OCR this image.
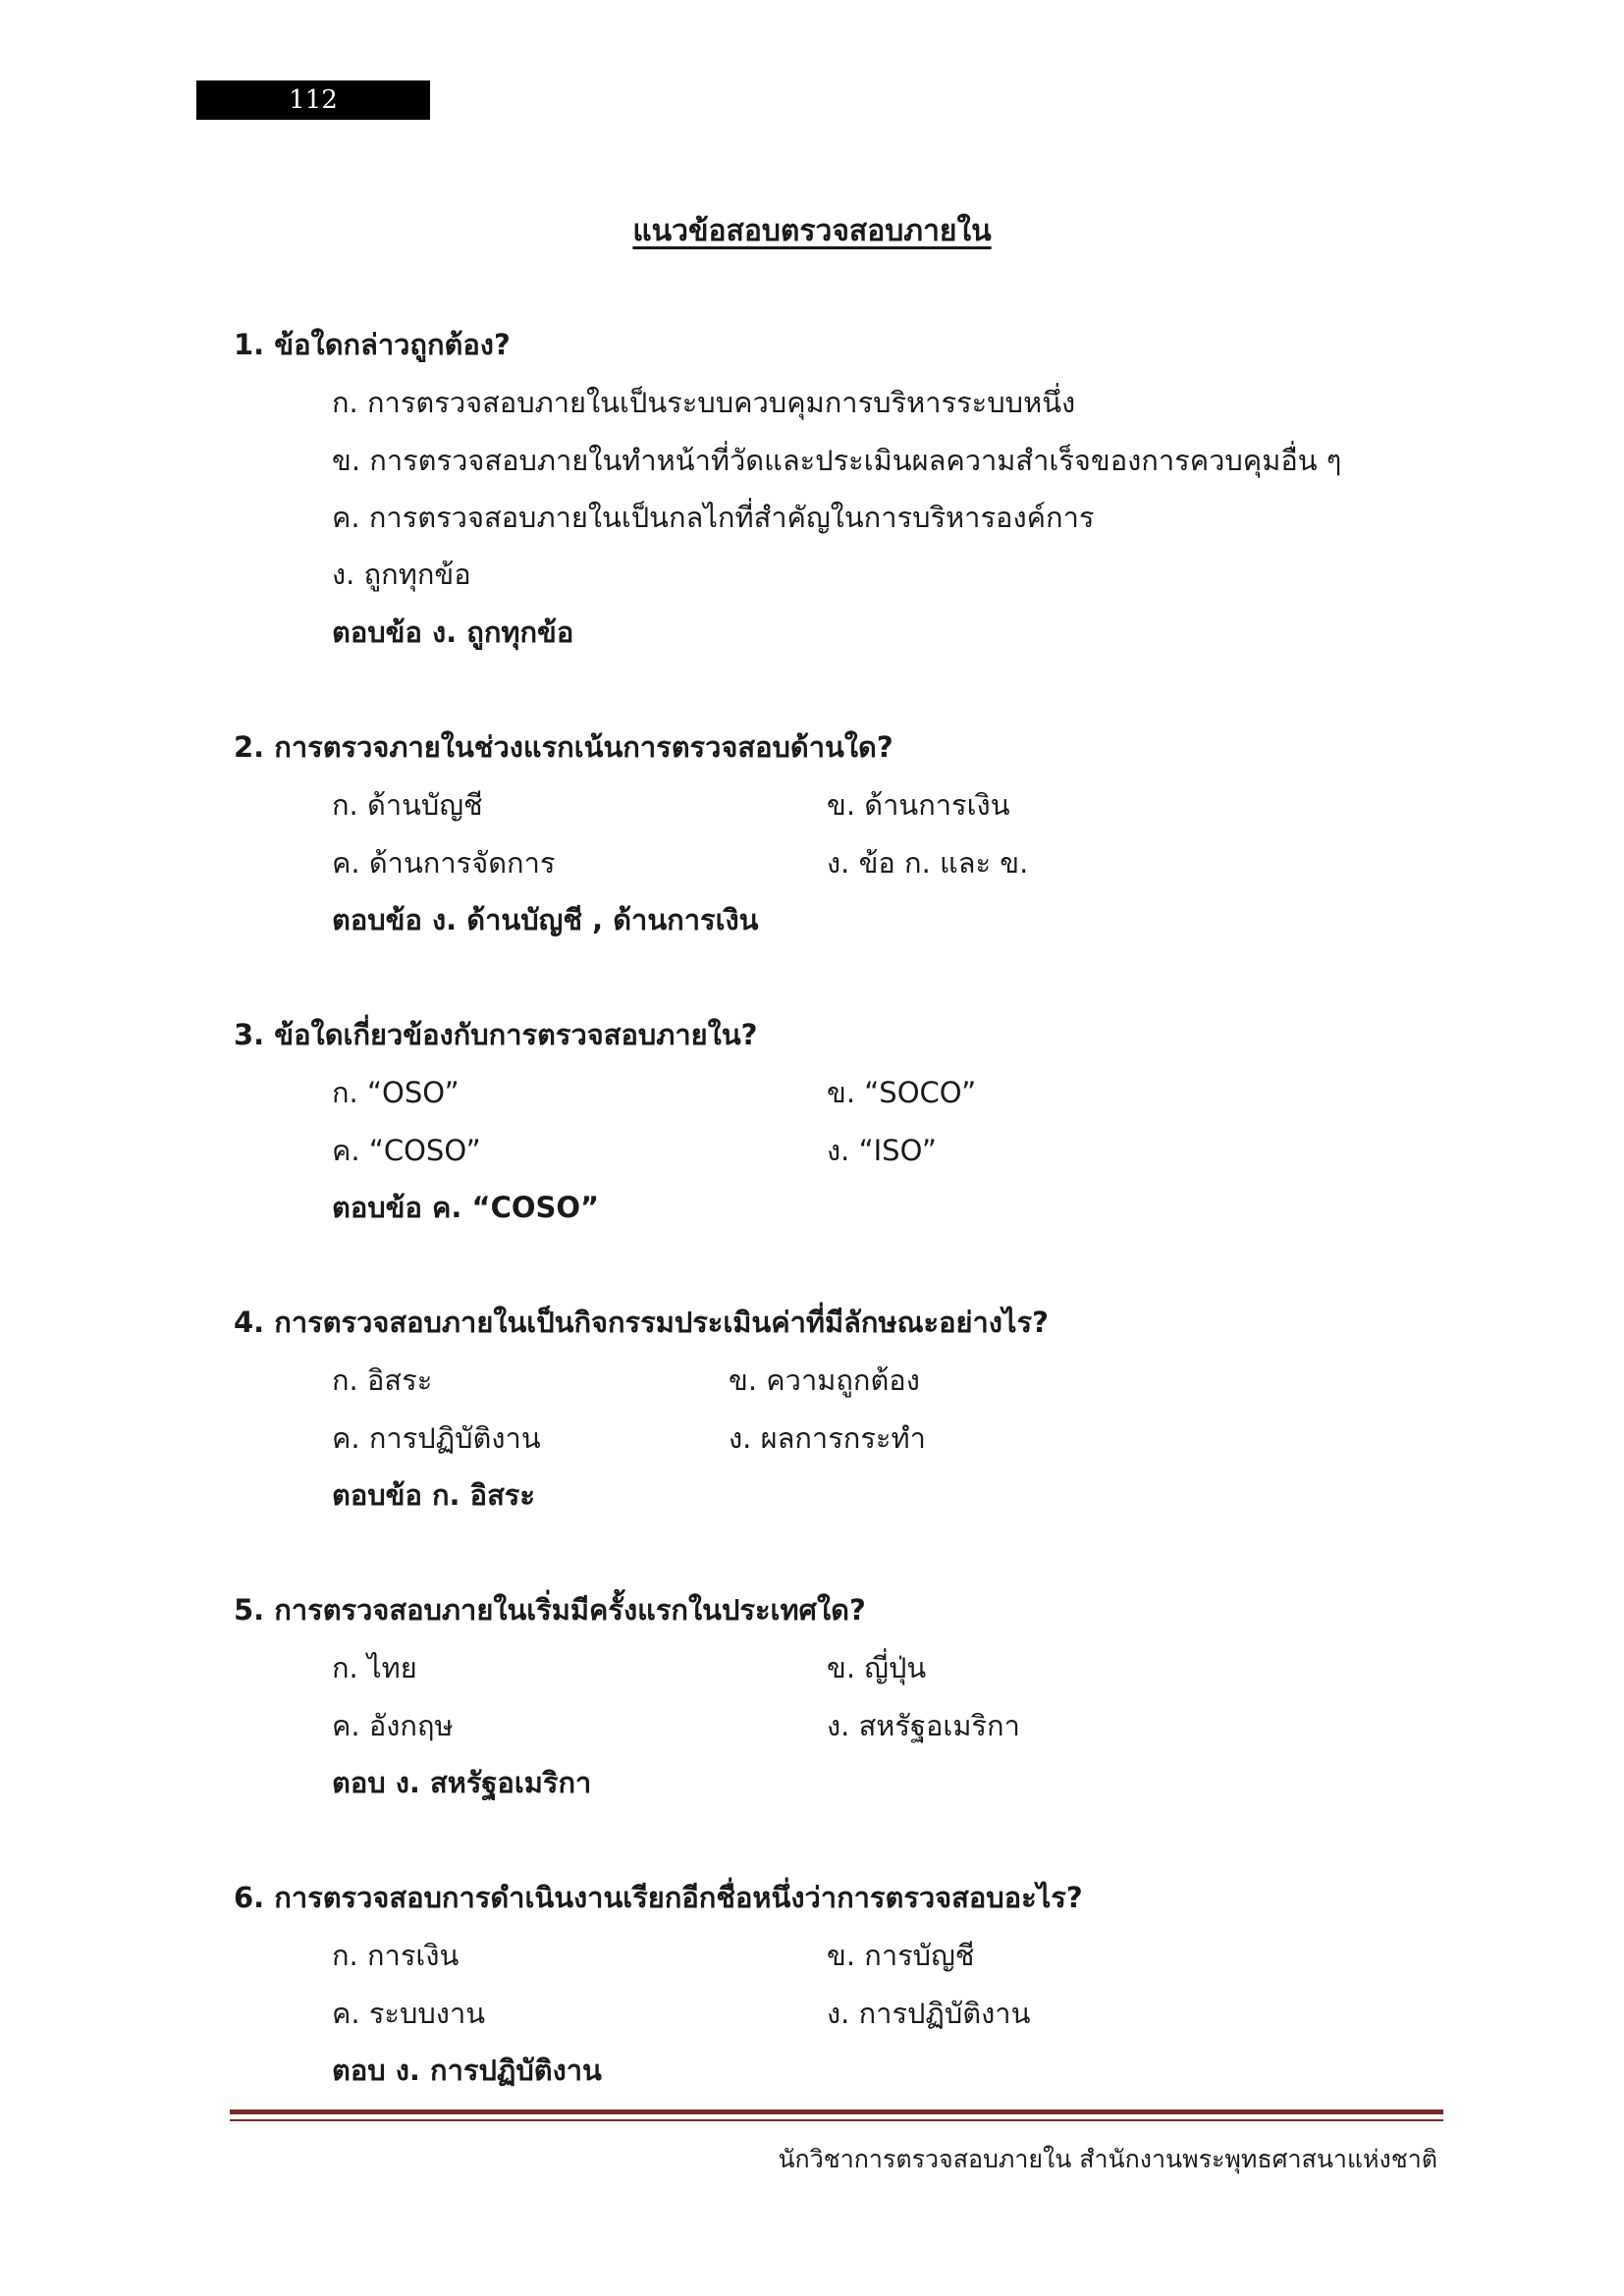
112
แนวข้อสอบตรวจสอบภายใน
1. ข้อใดกล่าวถูกต้อง?
ก. การตรวจสอบภายในเป็นระบบควบคุมการบริหารระบบหนึ่ง
ข. การตรวจสอบภายในทำหน้าที่วัดและประเมินผลความสำเร็จของการควบคุมอื่น ๆ
ค. การตรวจสอบภายในเป็นกลไกที่สำคัญในการบริหารองค์การ
ง. ถูกทุกข้อ
ตอบข้อ ง. ถูกทุกข้อ
2. การตรวจภายในช่วงแรกเน้นการตรวจสอบด้านใด?
ก. ด้านบัญชี	ข. ด้านการเงิน
ค. ด้านการจัดการ	ง. ข้อ ก. และ ข.
ตอบข้อ ง. ด้านบัญชี , ด้านการเงิน
3. ข้อใดเกี่ยวข้องกับการตรวจสอบภายใน?
ก. “OSO”	ข. “SOCO”
ค. “COSO”	ง. “ISO”
ตอบข้อ ค. “COSO”
4. การตรวจสอบภายในเป็นกิจกรรมประเมินค่าที่มีลักษณะอย่างไร?
ก. อิสระ	ข. ความถูกต้อง
ค. การปฏิบัติงาน	ง. ผลการกระทำ
ตอบข้อ ก. อิสระ
5. การตรวจสอบภายในเริ่มมีครั้งแรกในประเทศใด?
ก. ไทย	ข. ญี่ปุ่น
ค. อังกฤษ	ง. สหรัฐอเมริกา
ตอบ ง. สหรัฐอเมริกา
6. การตรวจสอบการดำเนินงานเรียกอีกชื่อหนึ่งว่าการตรวจสอบอะไร?
ก. การเงิน	ข. การบัญชี
ค. ระบบงาน	ง. การปฏิบัติงาน
ตอบ ง. การปฏิบัติงาน
นักวิชาการตรวจสอบภายใน สำนักงานพระพุทธศาสนาแห่งชาติ
